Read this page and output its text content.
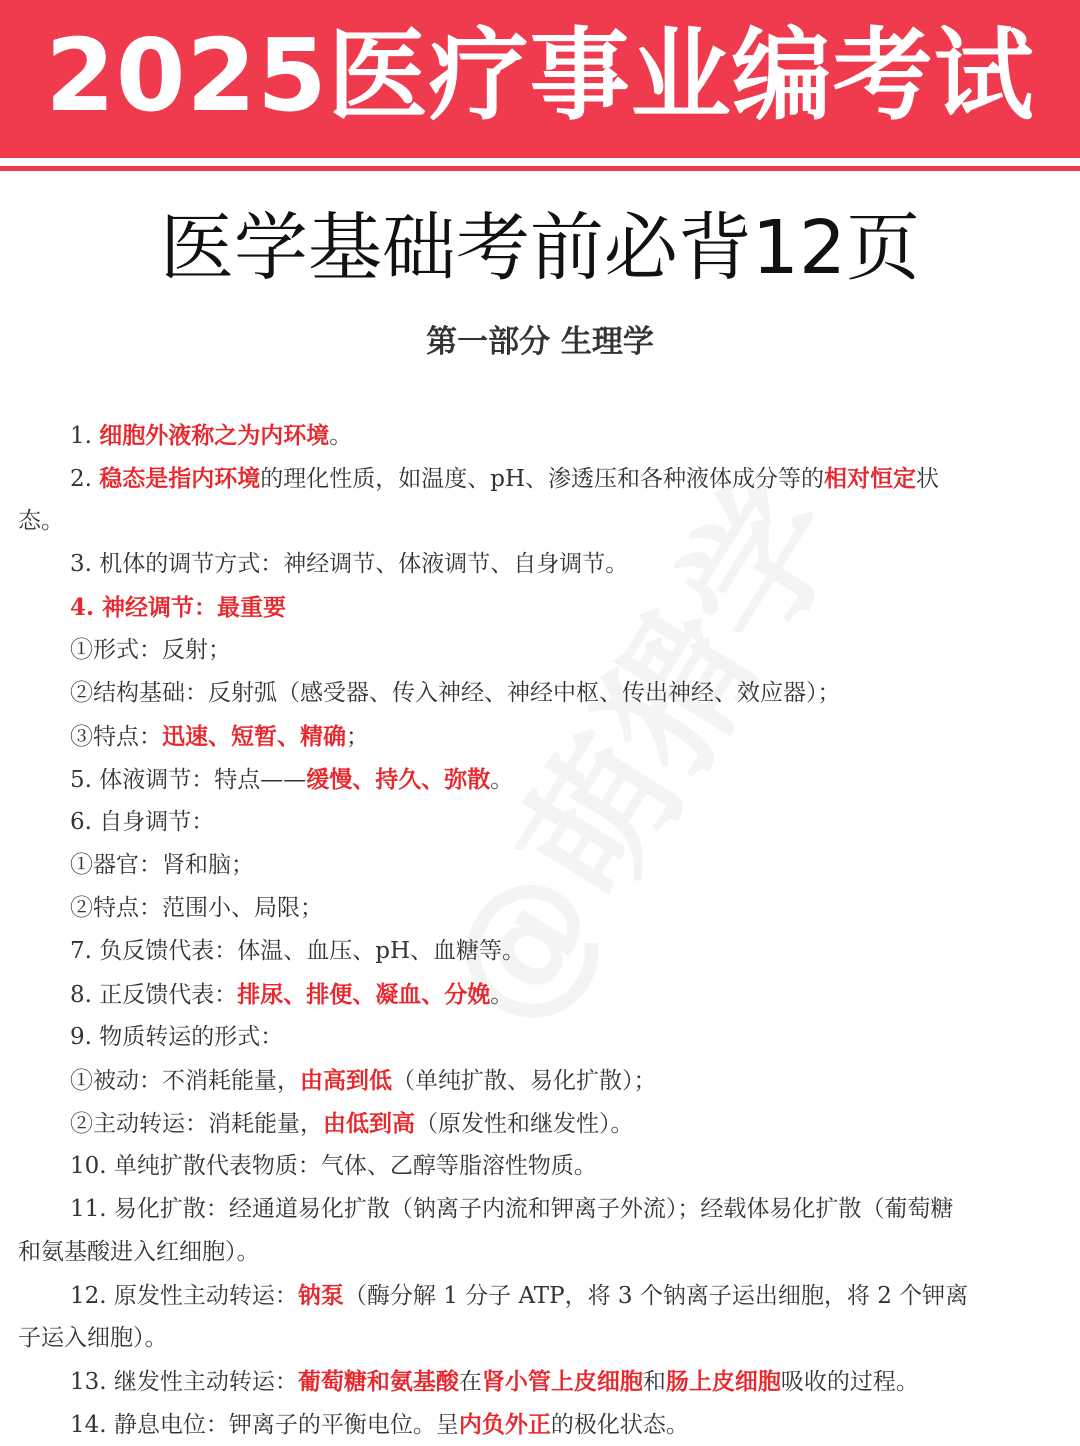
2025医疗事业编考试
医学基础考前必背12页
第一部分 生理学
1. 细胞外液称之为内环境。
2. 稳态是指内环境的理化性质，如温度、pH、渗透压和各种液体成分等的相对恒定状
态。
3. 机体的调节方式：神经调节、体液调节、自身调节。
4. 神经调节：最重要
①形式：反射；
②结构基础：反射弧（感受器、传入神经、神经中枢、传出神经、效应器）；
③特点：迅速、短暂、精确；
5. 体液调节：特点——缓慢、持久、弥散。
6. 自身调节：
①器官：肾和脑；
②特点：范围小、局限；
7. 负反馈代表：体温、血压、pH、血糖等。
8. 正反馈代表：排尿、排便、凝血、分娩。
9. 物质转运的形式：
①被动：不消耗能量，由高到低（单纯扩散、易化扩散）；
②主动转运：消耗能量，由低到高（原发性和继发性）。
10. 单纯扩散代表物质：气体、乙醇等脂溶性物质。
11. 易化扩散：经通道易化扩散（钠离子内流和钾离子外流）；经载体易化扩散（葡萄糖
和氨基酸进入红细胞）。
12. 原发性主动转运：钠泵（酶分解 1 分子 ATP，将 3 个钠离子运出细胞，将 2 个钾离
子运入细胞）。
13. 继发性主动转运：葡萄糖和氨基酸在肾小管上皮细胞和肠上皮细胞吸收的过程。
14. 静息电位：钾离子的平衡电位。呈内负外正的极化状态。
